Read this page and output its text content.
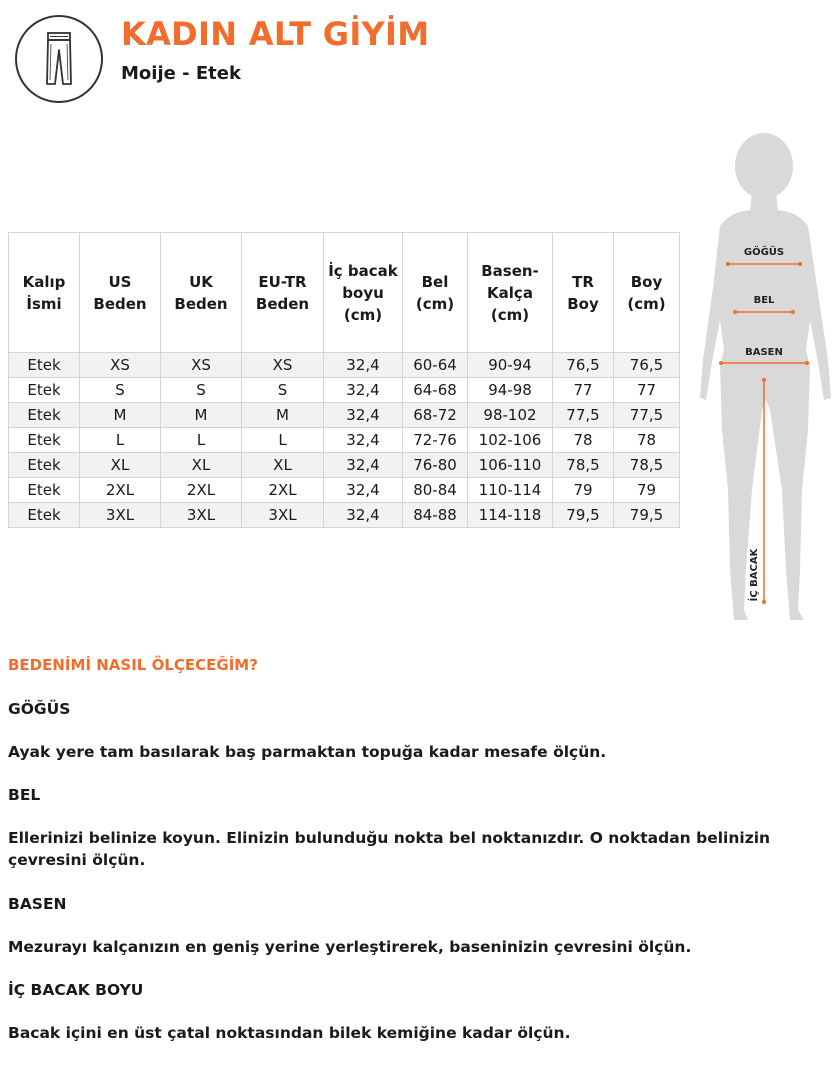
KADIN ALT GİYİM
Moije - Etek
Kalıp İsmi	US Beden	UK Beden	EU-TR Beden	İç bacak boyu (cm)	Bel (cm)	Basen-Kalça (cm)	TR Boy	Boy (cm)
Etek	XS	XS	XS	32,4	60-64	90-94	76,5	76,5
Etek	S	S	S	32,4	64-68	94-98	77	77
Etek	M	M	M	32,4	68-72	98-102	77,5	77,5
Etek	L	L	L	32,4	72-76	102-106	78	78
Etek	XL	XL	XL	32,4	76-80	106-110	78,5	78,5
Etek	2XL	2XL	2XL	32,4	80-84	110-114	79	79
Etek	3XL	3XL	3XL	32,4	84-88	114-118	79,5	79,5
GÖĞÜS
BEL
BASEN
İÇ BACAK
BEDENİMİ NASIL ÖLÇECEĞİM?

GÖĞÜS

Ayak yere tam basılarak baş parmaktan topuğa kadar mesafe ölçün.

BEL

Ellerinizi belinize koyun. Elinizin bulunduğu nokta bel noktanızdır. O noktadan belinizin çevresini ölçün.

BASEN

Mezurayı kalçanızın en geniş yerine yerleştirerek, baseninizin çevresini ölçün.

İÇ BACAK BOYU

Bacak içini en üst çatal noktasından bilek kemiğine kadar ölçün.
